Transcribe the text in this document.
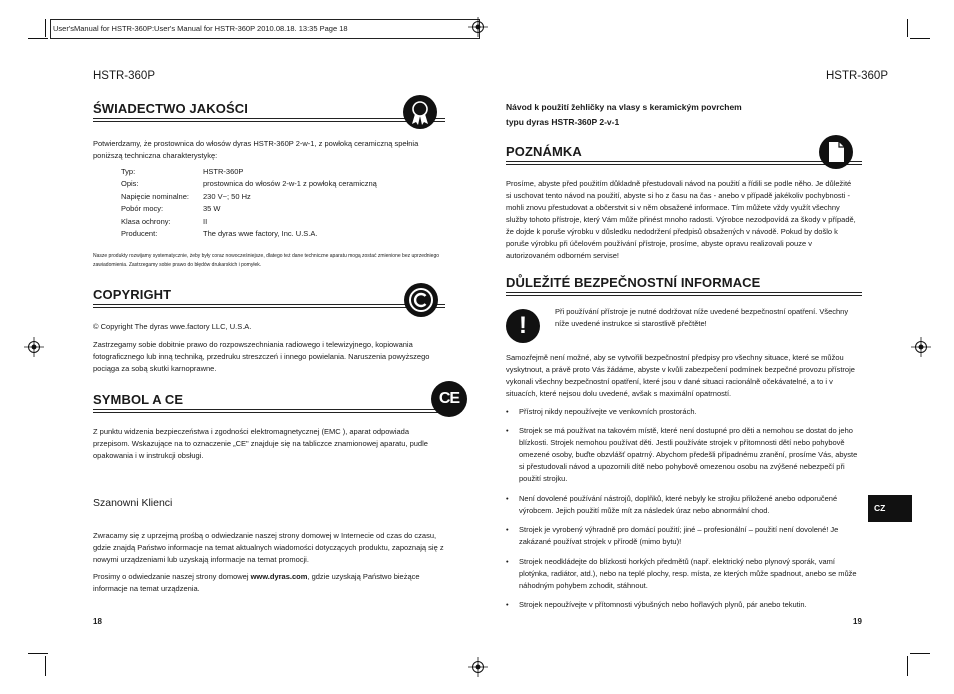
User'sManual for HSTR-360P:User's Manual for HSTR-360P 2010.08.18. 13:35 Page 18
HSTR-360P
ŚWIADECTWO JAKOŚCI
Potwierdzamy, że prostownica do włosów dyras HSTR-360P 2-w-1, z powłoką ceramiczną spełnia poniższą techniczna charakterystykę:
Typ:	HSTR-360P
Opis:	prostownica do włosów 2-w-1 z powłoką ceramiczną
Napięcie nominalne:	230 V~; 50 Hz
Pobór mocy:	35 W
Klasa ochrony:	II
Producent:	The dyras wwe factory, Inc. U.S.A.
Nasze produkty rozwijamy systematycznie, żeby były coraz nowocześniejsze, dlatego też dane techniczne aparatu mogą zostać zmienione bez uprzedniego zawiadomienia. Zastrzegamy sobie prawo do błędów drukarskich i pomyłek.
COPYRIGHT
© Copyright The dyras wwe.factory LLC, U.S.A.
Zastrzegamy sobie dobitnie prawo do rozpowszechniania radiowego i telewizyjnego, kopiowania fotograficznego lub inną techniką, przedruku streszczeń i innego powielania. Naruszenia powyższego pociąga za sobą skutki karnoprawne.
SYMBOL A CE	CE
Z punktu widzenia bezpieczeństwa i zgodności elektromagnetycznej (EMC ), aparat odpowiada przepisom. Wskazujące na to oznaczenie „CE" znajduje się na tabliczce znamionowej aparatu, pudle opakowania i w instrukcji obsługi.
Szanowni Klienci
Zwracamy się z uprzejmą prośbą o odwiedzanie naszej strony domowej w Internecie od czas do czasu, gdzie znajdą Państwo informacje na temat aktualnych wiadomości dotyczących produktu, zapoznają się z nowymi urządzeniami lub uzyskają informacje na temat promocji.
Prosimy o odwiedzanie naszej strony domowej www.dyras.com, gdzie uzyskają Państwo bieżące informacje na temat urządzenia.
18
HSTR-360P
Návod k použití žehličky na vlasy s keramickým povrchem
typu dyras HSTR-360P 2-v-1
POZNÁMKA
Prosíme, abyste před použitím důkladně přestudovali návod na použití a řídili se podle něho. Je důležité si uschovat tento návod na použití, abyste si ho z času na čas - anebo v případě jakékoliv pochybnosti - mohli znovu přestudovat a občerstvit si v něm obsažené informace. Tím můžete vždy využít všechny služby tohoto přístroje, který Vám může přinést mnoho radosti. Výrobce nezodpovídá za škody v případě, že dojde k poruše výrobku v důsledku nedodržení předpisů obsažených v návodě. Pokud by došlo k poruše výrobku při účelovém používání přístroje, prosíme, abyste opravu realizovali pouze v autorizovaném odborném servise!
DŮLEŽITÉ BEZPEČNOSTNÍ INFORMACE
!
Při používání přístroje je nutné dodržovat níže uvedené bezpečnostní opatření. Všechny níže uvedené instrukce si starostlivě přečtěte!
Samozřejmě není možné, aby se vytvořili bezpečnostní předpisy pro všechny situace, které se můžou vyskytnout, a právě proto Vás žádáme, abyste v kvůli zabezpečení podmínek bezpečné provozu přístroje vykonali všechny bezpečnostní opatření, které jsou v dané situaci racionálně očekávatelné, a to i v situacích, které nejsou dolu uvedené, avšak s maximální opatrností.
• Přístroj nikdy nepoužívejte ve venkovních prostorách.
• Strojek se má používat na takovém místě, které není dostupné pro děti a nemohou se dostat do jeho blízkosti. Strojek nemohou používat děti. Jestli používáte strojek v přítomnosti dětí nebo pohybově omezené osoby, buďte obzvlášť opatrný. Abychom předešli případnému zranění, prosíme Vás, abyste si přestudovali návod a upozornili dítě nebo pohybově omezenou osobu na zvýšené nebezpečí při použití strojku.
• Není dovolené používání nástrojů, doplňků, které nebyly ke strojku přiložené anebo odporučené výrobcem. Jejich použití může mít za následek úraz nebo abnormální chod.
• Strojek je vyrobený výhradně pro domácí použití; jiné – profesionální – použití není dovolené! Je zakázané používat strojek v přírodě (mimo bytu)!
• Strojek neodkládejte do blízkosti horkých předmětů (např. elektrický nebo plynový sporák, vamí plotýnka, radiátor, atd.), nebo na teplé plochy, resp. místa, ze kterých může spadnout, anebo se může náhodným pohybem zchodit, stáhnout.
• Strojek nepoužívejte v přítomnosti výbušných nebo hořlavých plynů, pár anebo tekutin.
CZ
19
